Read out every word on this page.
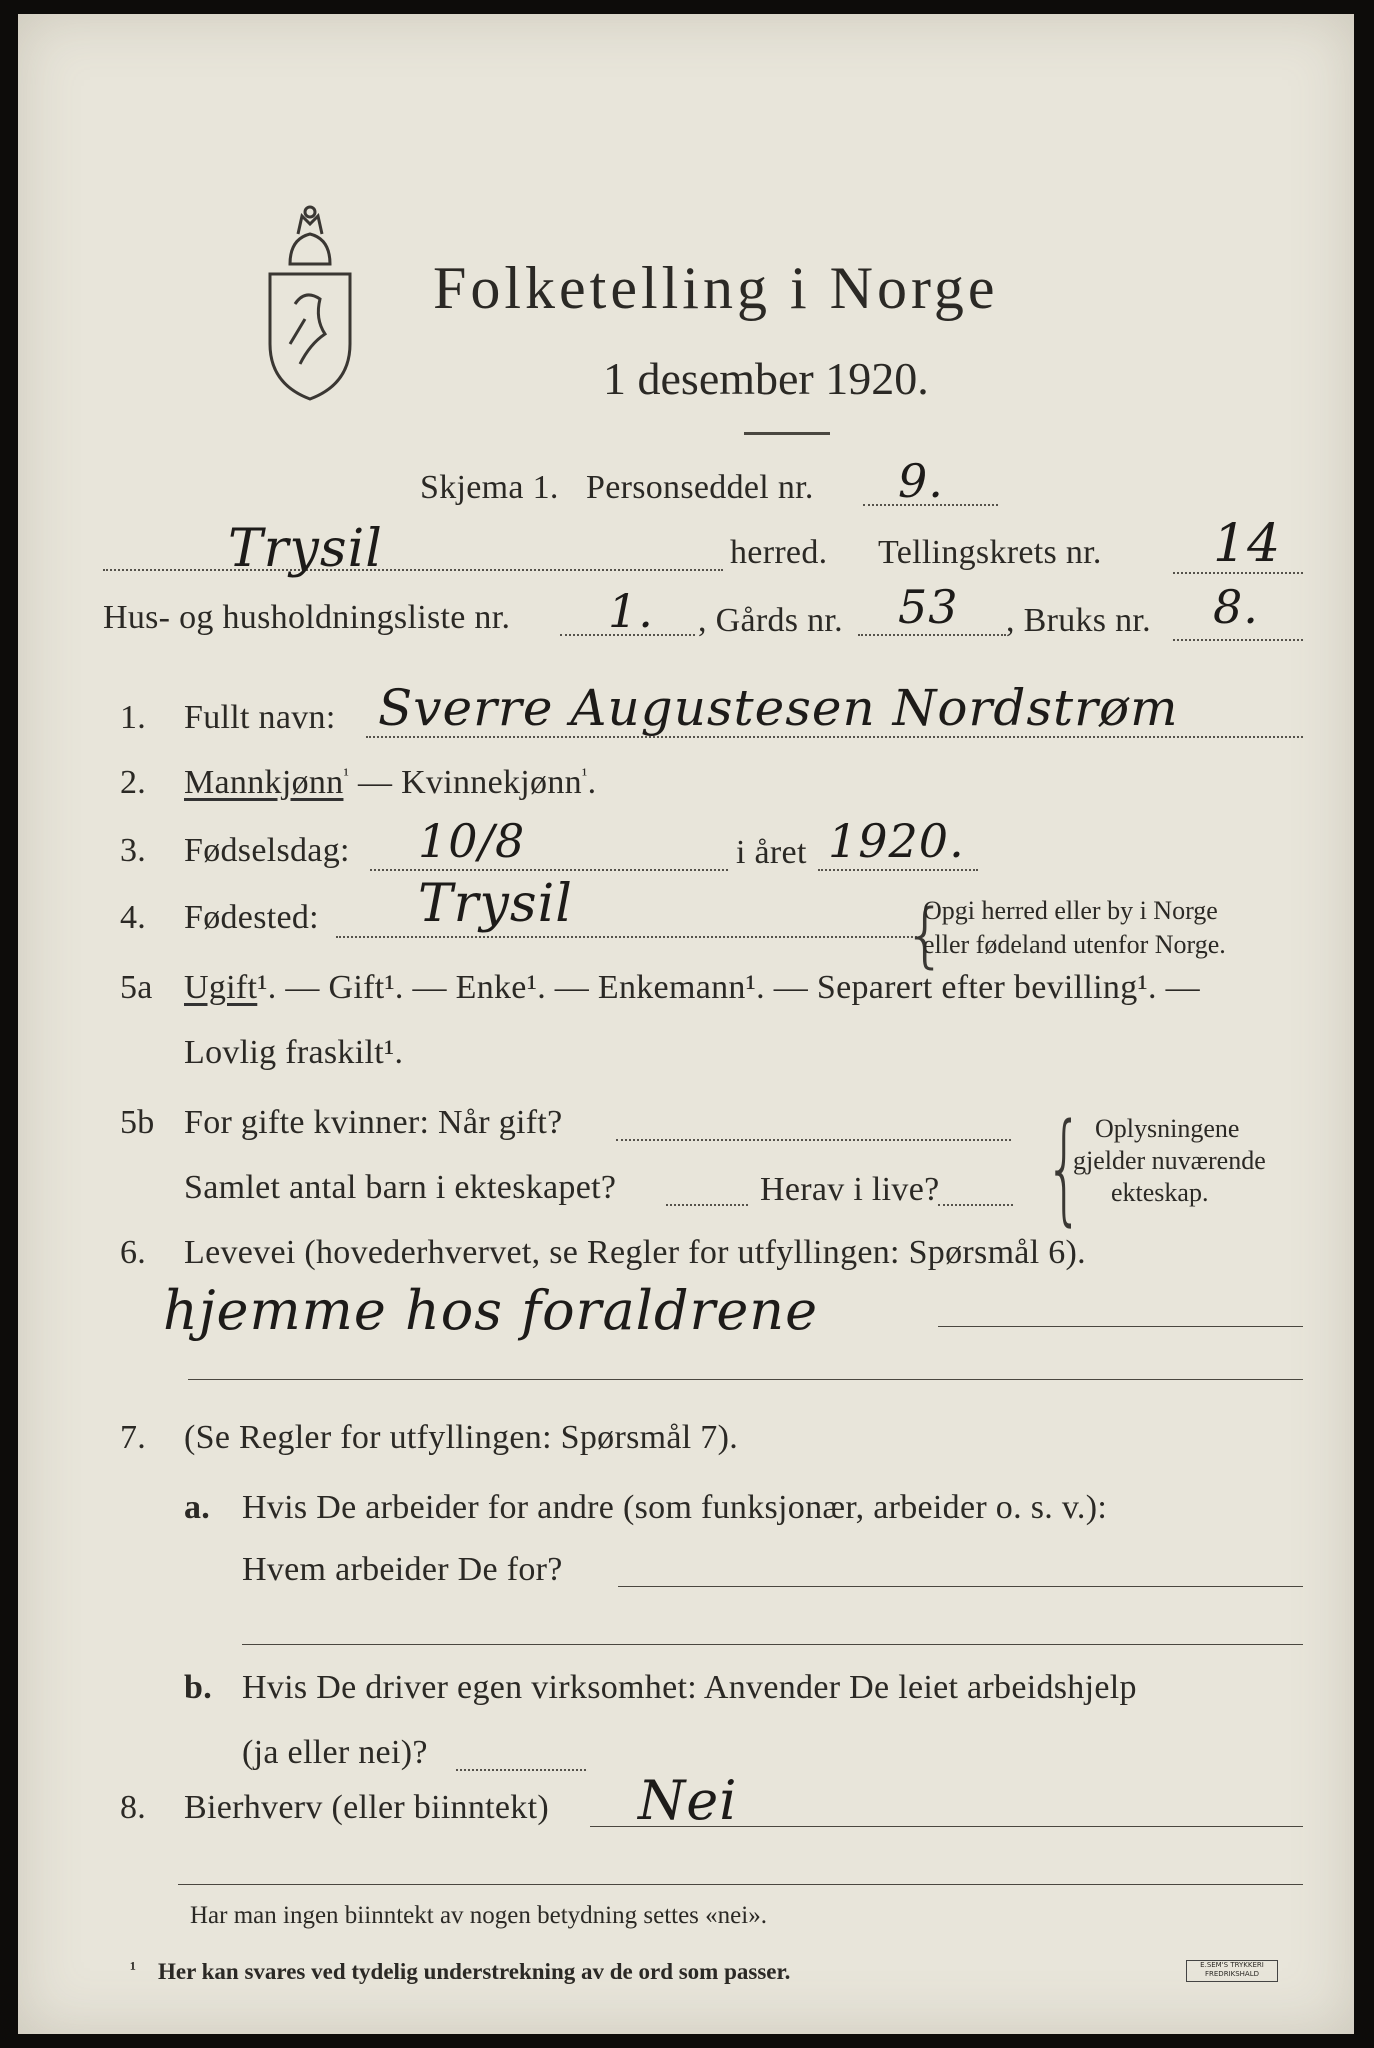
Folketelling i Norge
1 desember 1920.
Skjema 1. Personseddel nr. 9.
Trysil	herred. Tellingskrets nr. 14
Hus- og husholdningsliste nr. 1. , Gårds nr. 53 , Bruks nr. 8.
1. Fullt navn: Sverre Augustesen Nordstrøm
2. Mannkjønn$^{^1}$ — Kvinnekjønn$^{^1}$.
3. Fødselsdag: 10/8	i året 1920.
4. Fødested: Trysil	{
Opgi herred eller by i Norge
eller fødeland utenfor Norge.
5a Ugift¹. — Gift¹. — Enke¹. — Enkemann¹. — Separert efter bevilling¹. —
Lovlig fraskilt¹.
5b For gifte kvinner: Når gift?
Samlet antal barn i ekteskapet?	Herav i live? { Oplysningene
gjelder nuværende
ekteskap.
6. Levevei (hovederhvervet, se Regler for utfyllingen: Spørsmål 6).
hjemme hos foraldrene
7. (Se Regler for utfyllingen: Spørsmål 7).
a. Hvis De arbeider for andre (som funksjonær, arbeider o. s. v.):
Hvem arbeider De for?
b. Hvis De driver egen virksomhet: Anvender De leiet arbeidshjelp
(ja eller nei)?
8. Bierhverv (eller biinntekt) Nei
Har man ingen biinntekt av nogen betydning settes «nei».
¹ Her kan svares ved tydelig understrekning av de ord som passer.	E.SEM'S TRYKKERI FREDRIKSHALD
